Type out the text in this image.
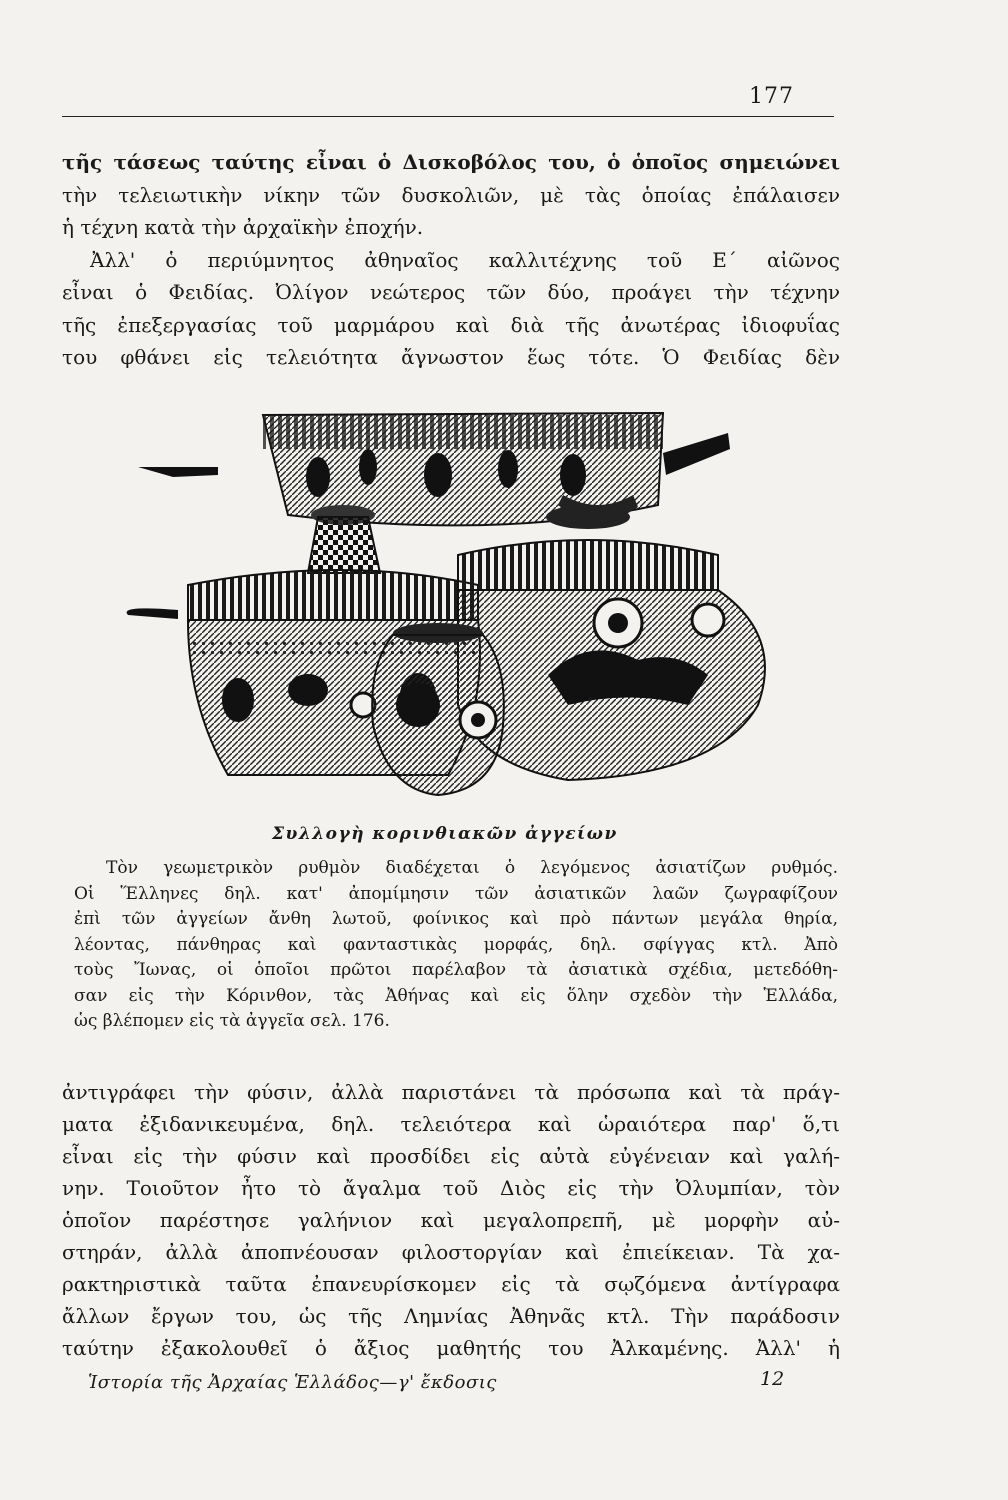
177
τῆς τάσεως ταύτης εἶναι ὁ Δισκοβόλος του, ὁ ὁποῖος σημειώνει
τὴν τελειωτικὴν νίκην τῶν δυσκολιῶν, μὲ τὰς ὁποίας ἐπάλαισεν
ἡ τέχνη κατὰ τὴν ἀρχαϊκὴν ἐποχήν.
Ἀλλ' ὁ περιύμνητος ἀθηναῖος καλλιτέχνης τοῦ Ε΄ αἰῶνος
εἶναι ὁ Φειδίας. Ὀλίγον νεώτερος τῶν δύο, προάγει τὴν τέχνην
τῆς ἐπεξεργασίας τοῦ μαρμάρου καὶ διὰ τῆς ἀνωτέρας ἰδιοφυΐας
του φθάνει εἰς τελειότητα ἄγνωστον ἕως τότε. Ὁ Φειδίας δὲν
Συλλογὴ κορινθιακῶν ἀγγείων
Τὸν γεωμετρικὸν ρυθμὸν διαδέχεται ὁ λεγόμενος ἀσιατίζων ρυθμός.
Οἱ Ἕλληνες δηλ. κατ' ἀπομίμησιν τῶν ἀσιατικῶν λαῶν ζωγραφίζουν
ἐπὶ τῶν ἀγγείων ἄνθη λωτοῦ, φοίνικος καὶ πρὸ πάντων μεγάλα θηρία,
λέοντας, πάνθηρας καὶ φανταστικὰς μορφάς, δηλ. σφίγγας κτλ. Ἀπὸ
τοὺς Ἴωνας, οἱ ὁποῖοι πρῶτοι παρέλαβον τὰ ἀσιατικὰ σχέδια, μετεδόθη-
σαν εἰς τὴν Κόρινθον, τὰς Ἀθήνας καὶ εἰς ὅλην σχεδὸν τὴν Ἑλλάδα,
ὡς βλέπομεν εἰς τὰ ἀγγεῖα σελ. 176.
ἀντιγράφει τὴν φύσιν, ἀλλὰ παριστάνει τὰ πρόσωπα καὶ τὰ πράγ-
ματα ἐξιδανικευμένα, δηλ. τελειότερα καὶ ὡραιότερα παρ' ὅ,τι
εἶναι εἰς τὴν φύσιν καὶ προσδίδει εἰς αὐτὰ εὐγένειαν καὶ γαλή-
νην. Τοιοῦτον ἦτο τὸ ἄγαλμα τοῦ Διὸς εἰς τὴν Ὀλυμπίαν, τὸν
ὁποῖον παρέστησε γαλήνιον καὶ μεγαλοπρεπῆ, μὲ μορφὴν αὐ-
στηράν, ἀλλὰ ἀποπνέουσαν φιλοστοργίαν καὶ ἐπιείκειαν. Τὰ χα-
ρακτηριστικὰ ταῦτα ἐπανευρίσκομεν εἰς τὰ σῳζόμενα ἀντίγραφα
ἄλλων ἔργων του, ὡς τῆς Λημνίας Ἀθηνᾶς κτλ. Τὴν παράδοσιν
ταύτην ἐξακολουθεῖ ὁ ἄξιος μαθητής του Ἀλκαμένης. Ἀλλ' ἡ
Ἱστορία τῆς Ἀρχαίας Ἑλλάδος—γ' ἔκδοσις	12
